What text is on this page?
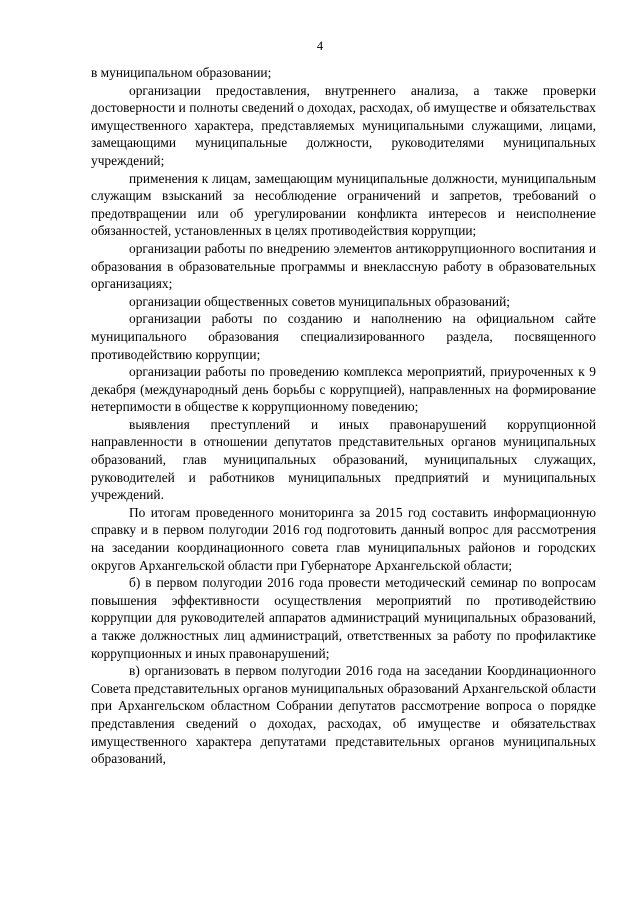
4

в муниципальном образовании;

организации предоставления, внутреннего анализа, а также проверки достоверности и полноты сведений о доходах, расходах, об имуществе и обязательствах имущественного характера, представляемых муниципальными служащими, лицами, замещающими муниципальные должности, руководителями муниципальных учреждений;

применения к лицам, замещающим муниципальные должности, муниципальным служащим взысканий за несоблюдение ограничений и запретов, требований о предотвращении или об урегулировании конфликта интересов и неисполнение обязанностей, установленных в целях противодействия коррупции;

организации работы по внедрению элементов антикоррупционного воспитания и образования в образовательные программы и внеклассную работу в образовательных организациях;

организации общественных советов муниципальных образований;

организации работы по созданию и наполнению на официальном сайте муниципального образования специализированного раздела, посвященного противодействию коррупции;

организации работы по проведению комплекса мероприятий, приуроченных к 9 декабря (международный день борьбы с коррупцией), направленных на формирование нетерпимости в обществе к коррупционному поведению;

выявления преступлений и иных правонарушений коррупционной направленности в отношении депутатов представительных органов муниципальных образований, глав муниципальных образований, муниципальных служащих, руководителей и работников муниципальных предприятий и муниципальных учреждений.

По итогам проведенного мониторинга за 2015 год составить информационную справку и в первом полугодии 2016 год подготовить данный вопрос для рассмотрения на заседании координационного совета глав муниципальных районов и городских округов Архангельской области при Губернаторе Архангельской области;

б) в первом полугодии 2016 года провести методический семинар по вопросам повышения эффективности осуществления мероприятий по противодействию коррупции для руководителей аппаратов администраций муниципальных образований, а также должностных лиц администраций, ответственных за работу по профилактике коррупционных и иных правонарушений;

в) организовать в первом полугодии 2016 года на заседании Координационного Совета представительных органов муниципальных образований Архангельской области при Архангельском областном Собрании депутатов рассмотрение вопроса о порядке представления сведений о доходах, расходах, об имуществе и обязательствах имущественного характера депутатами представительных органов муниципальных образований,
